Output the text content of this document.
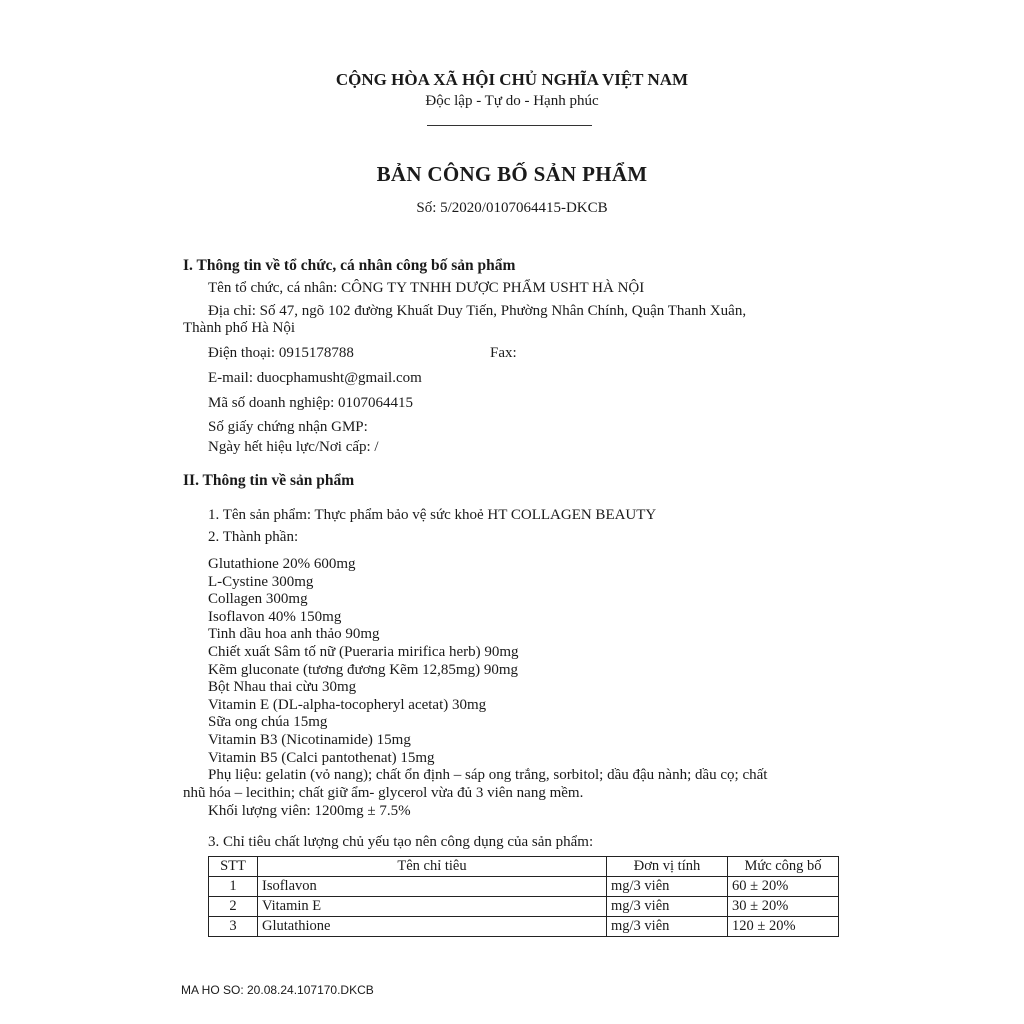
CỘNG HÒA XÃ HỘI CHỦ NGHĨA VIỆT NAM
Độc lập - Tự do - Hạnh phúc
BẢN CÔNG BỐ SẢN PHẨM
Số: 5/2020/0107064415-DKCB
I. Thông tin về tổ chức, cá nhân công bố sản phẩm
Tên tổ chức, cá nhân: CÔNG TY TNHH DƯỢC PHẨM USHT HÀ NỘI
Địa chỉ: Số 47, ngõ 102 đường Khuất Duy Tiến, Phường Nhân Chính, Quận Thanh Xuân,
Thành phố Hà Nội
Điện thoại: 0915178788	Fax:
E-mail: duocphamusht@gmail.com
Mã số doanh nghiệp: 0107064415
Số giấy chứng nhận GMP:
Ngày hết hiệu lực/Nơi cấp: /
II. Thông tin về sản phẩm
1. Tên sản phẩm: Thực phẩm bảo vệ sức khoẻ HT COLLAGEN BEAUTY
2. Thành phần:
Glutathione 20% 600mg
L-Cystine 300mg
Collagen 300mg
Isoflavon 40% 150mg
Tinh dầu hoa anh thảo 90mg
Chiết xuất Sâm tố nữ (Pueraria mirifica herb) 90mg
Kẽm gluconate (tương đương Kẽm 12,85mg) 90mg
Bột Nhau thai cừu 30mg
Vitamin E (DL-alpha-tocopheryl acetat) 30mg
Sữa ong chúa 15mg
Vitamin B3 (Nicotinamide) 15mg
Vitamin B5 (Calci pantothenat) 15mg
Phụ liệu: gelatin (vỏ nang); chất ổn định – sáp ong trắng, sorbitol; dầu đậu nành; dầu cọ; chất
nhũ hóa – lecithin; chất giữ ẩm- glycerol vừa đủ 3 viên nang mềm.
Khối lượng viên: 1200mg ± 7.5%
3. Chỉ tiêu chất lượng chủ yếu tạo nên công dụng của sản phẩm:
STT	Tên chỉ tiêu	Đơn vị tính	Mức công bố
1	Isoflavon	mg/3 viên	60 ± 20%
2	Vitamin E	mg/3 viên	30 ± 20%
3	Glutathione	mg/3 viên	120 ± 20%
MA HO SO: 20.08.24.107170.DKCB
